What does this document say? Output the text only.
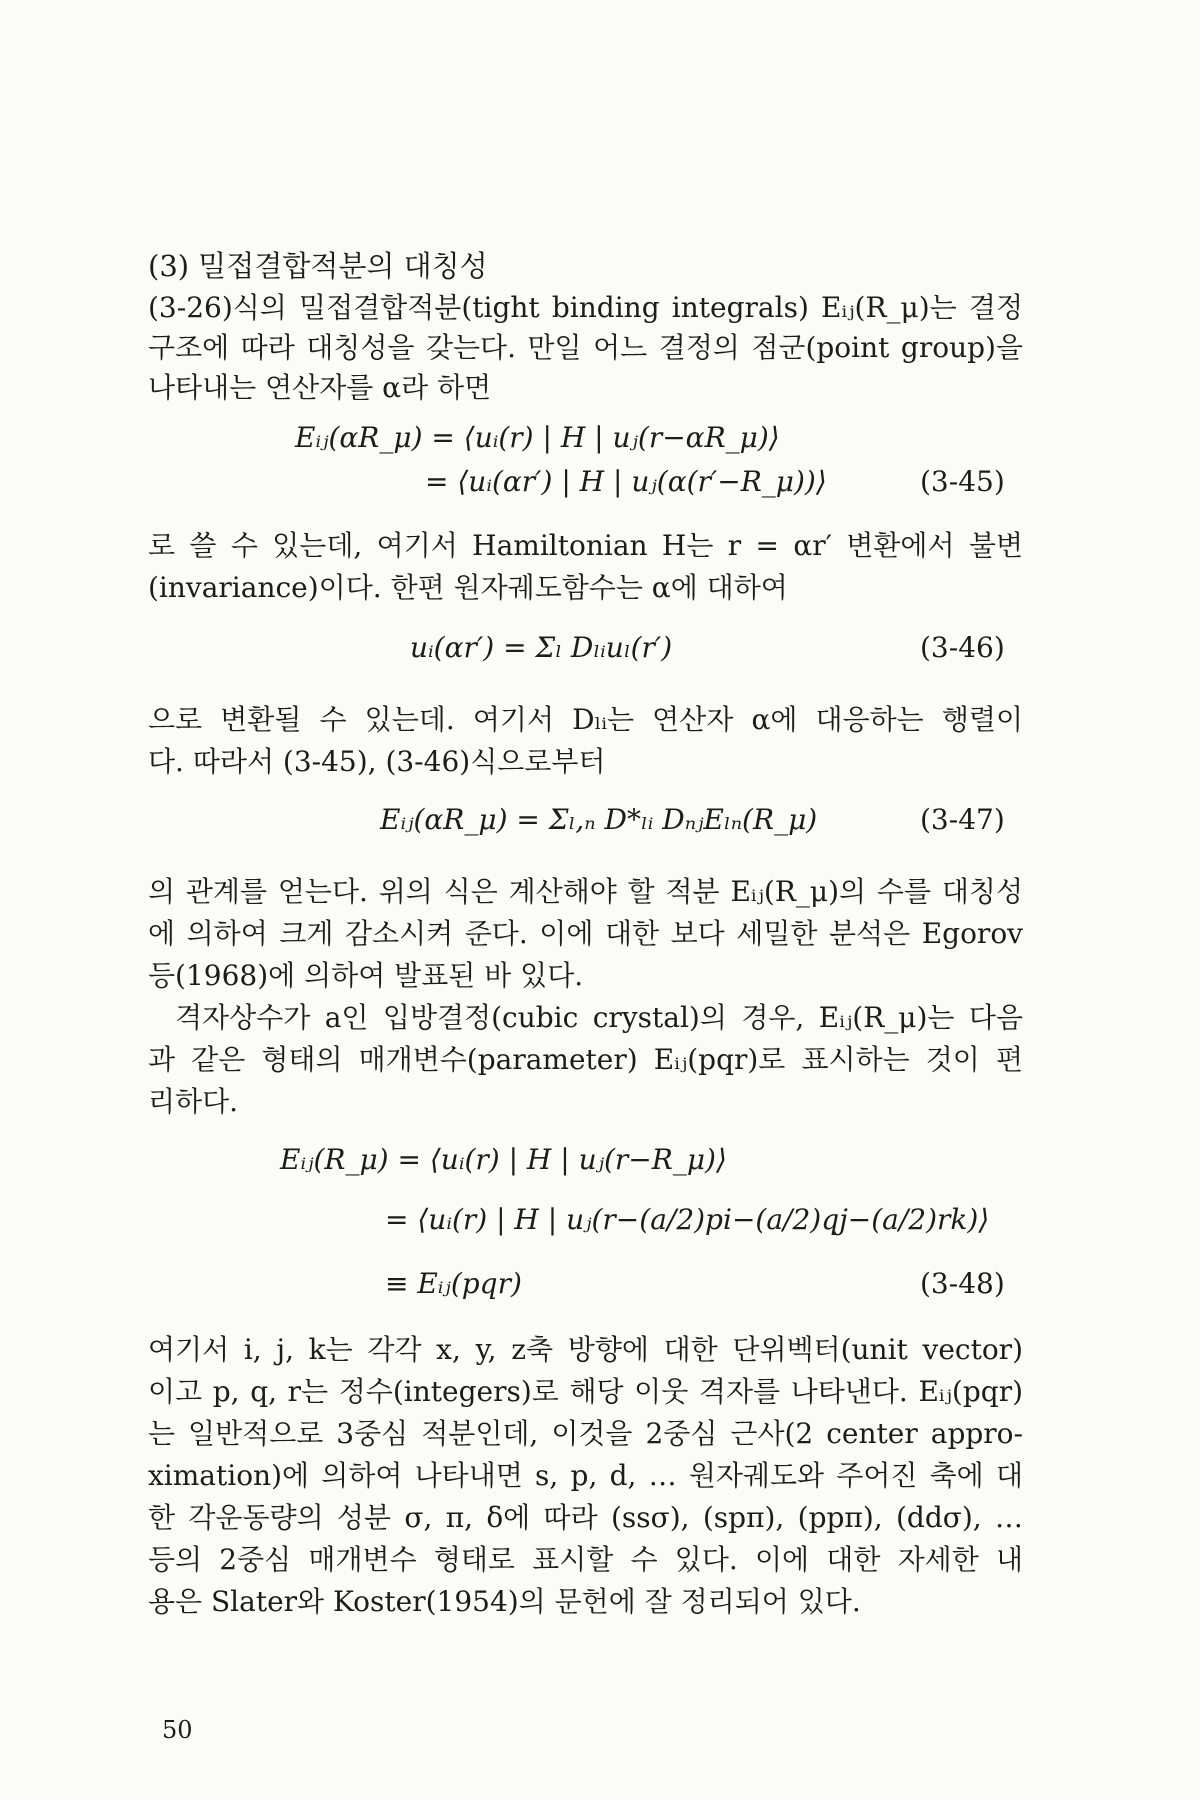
(3) 밀접결합적분의 대칭성
(3-26)식의 밀접결합적분(tight binding integrals) Eᵢⱼ(R_μ)는 결정
구조에 따라 대칭성을 갖는다. 만일 어느 결정의 점군(point group)을
나타내는 연산자를 α라 하면
Eᵢⱼ(αR_μ) = ⟨uᵢ(r) | H | uⱼ(r−αR_μ)⟩
= ⟨uᵢ(αr′) | H | uⱼ(α(r′−R_μ))⟩	(3-45)
로 쓸 수 있는데, 여기서 Hamiltonian H는 r = αr′ 변환에서 불변
(invariance)이다. 한편 원자궤도함수는 α에 대하여
uᵢ(αr′) = Σₗ Dₗᵢuₗ(r′)	(3-46)
으로 변환될 수 있는데. 여기서 Dₗᵢ는 연산자 α에 대응하는 행렬이
다. 따라서 (3-45), (3-46)식으로부터
Eᵢⱼ(αR_μ) = Σₗ,ₙ D*ₗᵢ DₙⱼEₗₙ(R_μ)	(3-47)
의 관계를 얻는다. 위의 식은 계산해야 할 적분 Eᵢⱼ(R_μ)의 수를 대칭성
에 의하여 크게 감소시켜 준다. 이에 대한 보다 세밀한 분석은 Egorov
등(1968)에 의하여 발표된 바 있다.
격자상수가 a인 입방결정(cubic crystal)의 경우, Eᵢⱼ(R_μ)는 다음
과 같은 형태의 매개변수(parameter) Eᵢⱼ(pqr)로 표시하는 것이 편
리하다.
Eᵢⱼ(R_μ) = ⟨uᵢ(r) | H | uⱼ(r−R_μ)⟩
= ⟨uᵢ(r) | H | uⱼ(r−(a/2)pi−(a/2)qj−(a/2)rk)⟩
≡ Eᵢⱼ(pqr)	(3-48)
여기서 i, j, k는 각각 x, y, z축 방향에 대한 단위벡터(unit vector)
이고 p, q, r는 정수(integers)로 해당 이웃 격자를 나타낸다. Eᵢⱼ(pqr)
는 일반적으로 3중심 적분인데, 이것을 2중심 근사(2 center appro-
ximation)에 의하여 나타내면 s, p, d, … 원자궤도와 주어진 축에 대
한 각운동량의 성분 σ, π, δ에 따라 (ssσ), (spπ), (ppπ), (ddσ), …
등의 2중심 매개변수 형태로 표시할 수 있다. 이에 대한 자세한 내
용은 Slater와 Koster(1954)의 문헌에 잘 정리되어 있다.
50
